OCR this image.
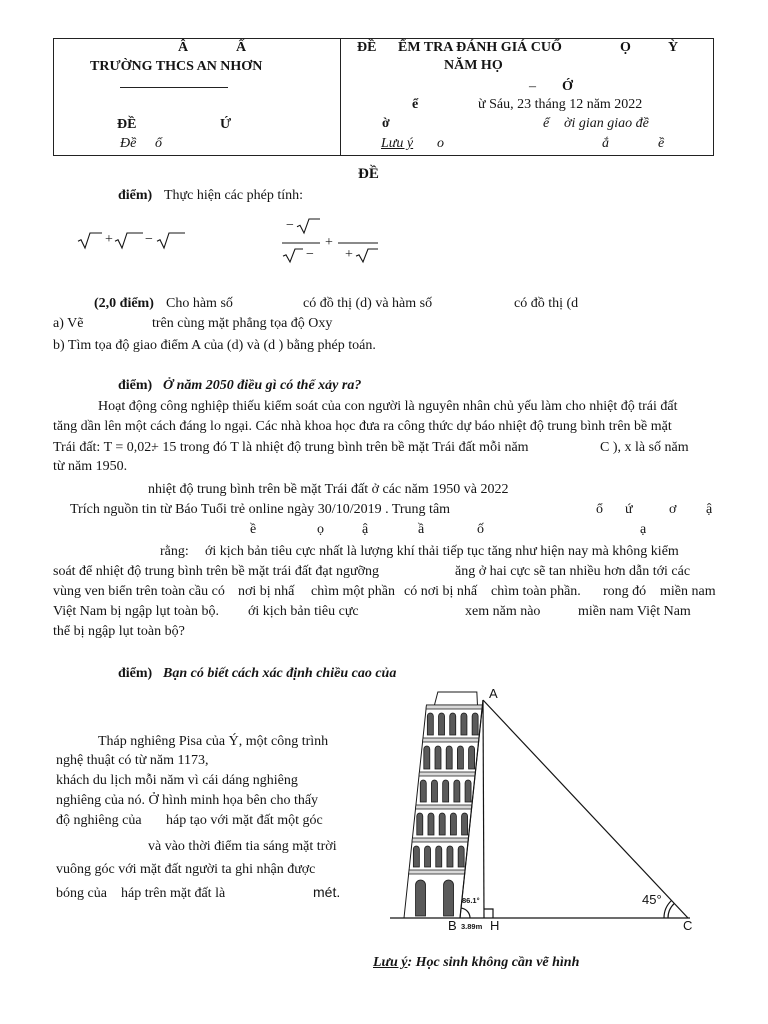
Â	Ấ
TRƯỜNG THCS AN NHƠN
ĐỀ	Ứ
Đề ổ
ĐỀ ỂM TRA ĐÁNH GIÁ CUỐ	Ọ	Ỳ
NĂM HỌ
– Ớ
ể	ừ Sáu, 23 tháng 12 năm 2022
ờ	ể ời gian giao đề
Lưu ý o	ắ	ề
ĐỀ
điểm) Thực hiện các phép tính:
+ −
−
+
− +
(2,0 điểm) Cho hàm số	có đồ thị (d) và hàm số	có đồ thị (d
a) Vẽ	trên cùng mặt phẳng tọa độ Oxy
b) Tìm tọa độ giao điểm A của (d) và (d ) bằng phép toán.
điểm) Ở năm 2050 điều gì có thể xảy ra?
Hoạt động công nghiệp thiếu kiểm soát của con người là nguyên nhân chủ yếu làm cho nhiệt độ trái đất
tăng dần lên một cách đáng lo ngại. Các nhà khoa học đưa ra công thức dự báo nhiệt độ trung bình trên bề mặt
Trái đất: T = 0,02.
+ 15 trong đó T là nhiệt độ trung bình trên bề mặt Trái đất mỗi năm	C ), x là số năm
từ năm 1950.
nhiệt độ trung bình trên bề mặt Trái đất ở các năm 1950 và 2022
Trích nguồn tin từ Báo Tuổi trẻ online ngày 30/10/2019 . Trung tâm	ổ ứ	ơ ậ
ề	ọ	ậ	ầ	ố	ạ
rằng: ới kịch bản tiêu cực nhất là lượng khí thải tiếp tục tăng như hiện nay mà không kiểm
soát để nhiệt độ trung bình trên bề mặt trái đất đạt ngưỡng	ăng ở hai cực sẽ tan nhiều hơn dẫn tới các
vùng ven biển trên toàn cầu có nơi bị nhấ chìm một phần có nơi bị nhấ chìm toàn phần. rong đó miền nam
Việt Nam bị ngập lụt toàn bộ. ới kịch bản tiêu cực	xem năm nào	miền nam Việt Nam
thể bị ngập lụt toàn bộ?
điểm) Bạn có biết cách xác định chiều cao của
Tháp nghiêng Pisa của Ý, một công trình
nghệ thuật có từ năm 1173,
khách du lịch mỗi năm vì cái dáng nghiêng
nghiêng của nó. Ở hình minh họa bên cho thấy
độ nghiêng của háp tạo với mặt đất một góc
và vào thời điểm tia sáng mặt trời
vuông góc với mặt đất người ta ghi nhận được
bóng của háp trên mặt đất là	mét.
A
B	H	C
45°
86.1°
3.89m
Lưu ý: Học sinh không cần vẽ hình
